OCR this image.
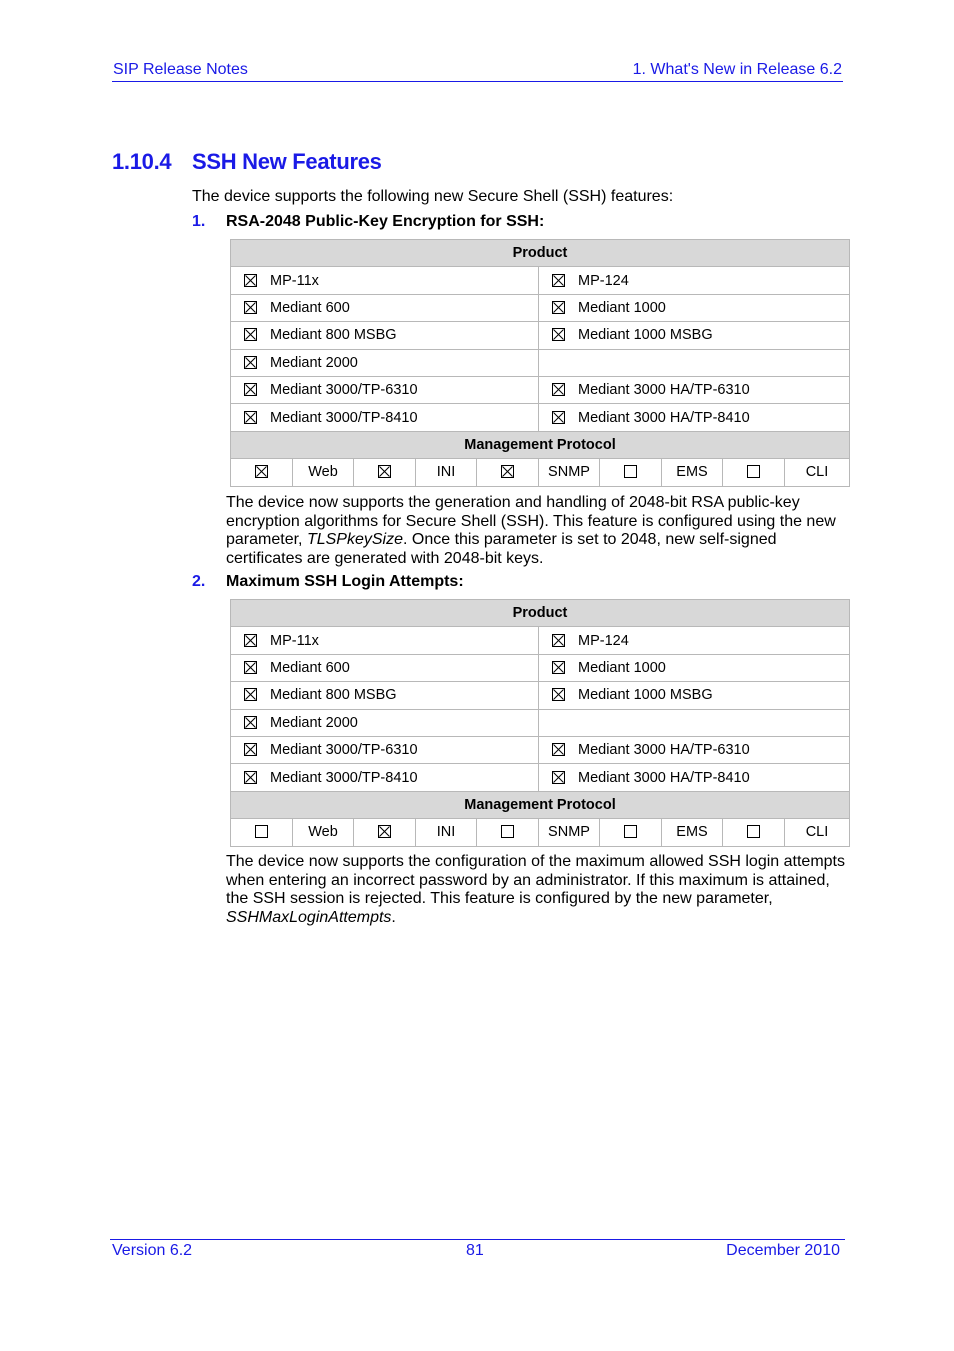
SIP Release Notes	1. What's New in Release 6.2
1.10.4 SSH New Features

The device supports the following new Secure Shell (SSH) features:

1. RSA-2048 Public-Key Encryption for SSH:
Product									

MP-11x					MP-124				

Mediant 600					Mediant 1000				

Mediant 800 MSBG					Mediant 1000 MSBG				

Mediant 2000									

Mediant 3000/TP-6310					Mediant 3000 HA/TP-6310				

Mediant 3000/TP-8410					Mediant 3000 HA/TP-8410				
Management Protocol									

	Web		INI		SNMP		EMS		CLI

The device now supports the generation and handling of 2048-bit RSA public-key encryption algorithms for Secure Shell (SSH). This feature is configured using the new parameter, TLSPkeySize. Once this parameter is set to 2048, new self-signed certificates are generated with 2048-bit keys.

2. Maximum SSH Login Attempts:
Product									

MP-11x					MP-124				

Mediant 600					Mediant 1000				

Mediant 800 MSBG					Mediant 1000 MSBG				

Mediant 2000									

Mediant 3000/TP-6310					Mediant 3000 HA/TP-6310				

Mediant 3000/TP-8410					Mediant 3000 HA/TP-8410				
Management Protocol									
	Web		INI		SNMP		EMS		CLI

The device now supports the configuration of the maximum allowed SSH login attempts when entering an incorrect password by an administrator. If this maximum is attained, the SSH session is rejected. This feature is configured by the new parameter, SSHMaxLoginAttempts.

Version 6.2	81	December 2010
